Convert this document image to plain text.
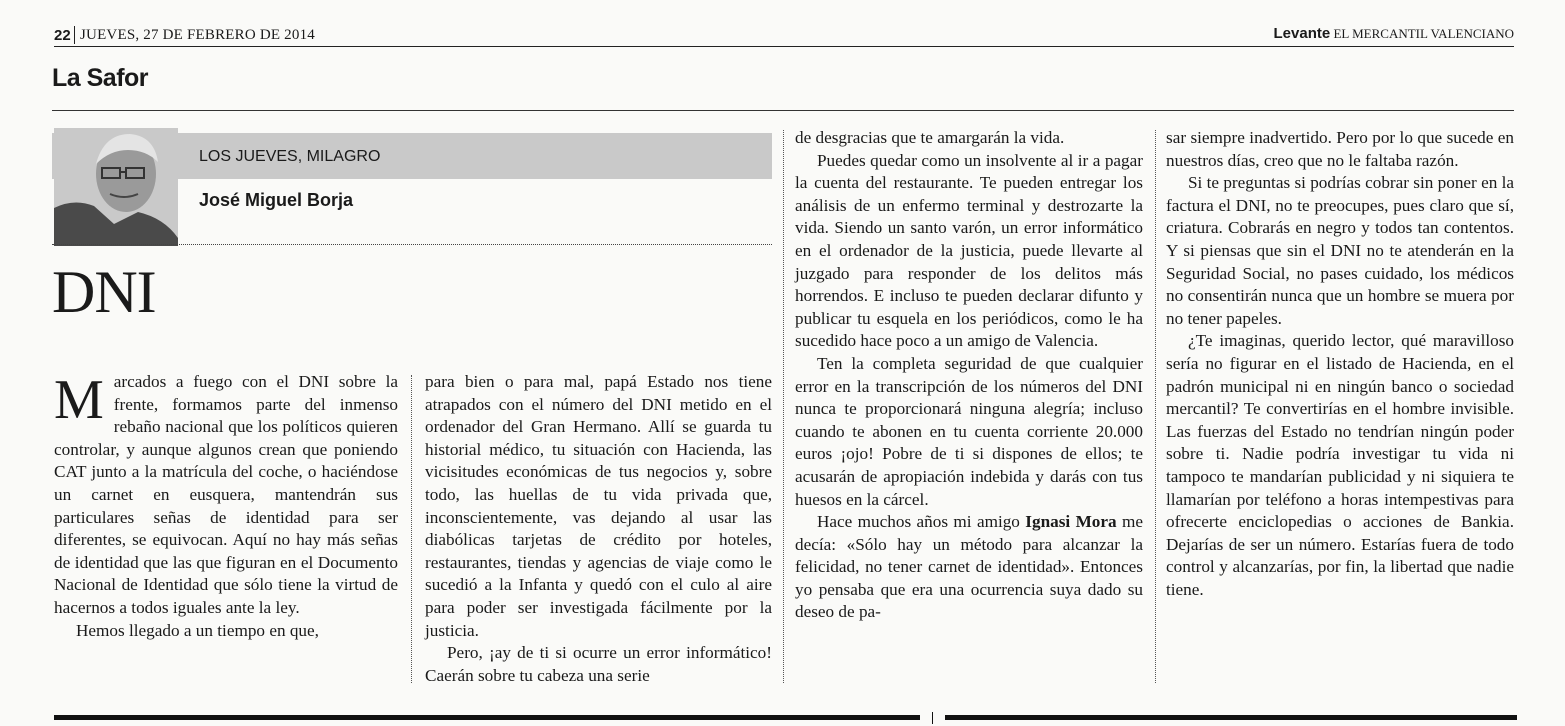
22 JUEVES, 27 DE FEBRERO DE 2014	Levante EL MERCANTIL VALENCIANO
La Safor
LOS JUEVES, MILAGRO
José Miguel Borja
DNI

Marcados a fuego con el DNI sobre la frente, formamos parte del inmenso rebaño nacional que los políticos quieren controlar, y aunque algunos crean que poniendo CAT junto a la matrícula del coche, o haciéndose un carnet en eusquera, mantendrán sus particulares señas de identidad para ser diferentes, se equivocan. Aquí no hay más señas de identidad que las que figuran en el Documento Nacional de Identidad que sólo tiene la virtud de hacernos a todos iguales ante la ley.

Hemos llegado a un tiempo en que,

para bien o para mal, papá Estado nos tiene atrapados con el número del DNI metido en el ordenador del Gran Hermano. Allí se guarda tu historial médico, tu situación con Hacienda, las vicisitudes económicas de tus negocios y, sobre todo, las huellas de tu vida privada que, inconscientemente, vas dejando al usar las diabólicas tarjetas de crédito por hoteles, restaurantes, tiendas y agencias de viaje como le sucedió a la Infanta y quedó con el culo al aire para poder ser investigada fácilmente por la justicia.

Pero, ¡ay de ti si ocurre un error informático! Caerán sobre tu cabeza una serie

de desgracias que te amargarán la vida.

Puedes quedar como un insolvente al ir a pagar la cuenta del restaurante. Te pueden entregar los análisis de un enfermo terminal y destrozarte la vida. Siendo un santo varón, un error informático en el ordenador de la justicia, puede llevarte al juzgado para responder de los delitos más horrendos. E incluso te pueden declarar difunto y publicar tu esquela en los periódicos, como le ha sucedido hace poco a un amigo de Valencia.

Ten la completa seguridad de que cualquier error en la transcripción de los números del DNI nunca te proporcionará ninguna alegría; incluso cuando te abonen en tu cuenta corriente 20.000 euros ¡ojo! Pobre de ti si dispones de ellos; te acusarán de apropiación indebida y darás con tus huesos en la cárcel.

Hace muchos años mi amigo Ignasi Mora me decía: «Sólo hay un método para alcanzar la felicidad, no tener carnet de identidad». Entonces yo pensaba que era una ocurrencia suya dado su deseo de pa-

sar siempre inadvertido. Pero por lo que sucede en nuestros días, creo que no le faltaba razón.

Si te preguntas si podrías cobrar sin poner en la factura el DNI, no te preocupes, pues claro que sí, criatura. Cobrarás en negro y todos tan contentos. Y si piensas que sin el DNI no te atenderán en la Seguridad Social, no pases cuidado, los médicos no consentirán nunca que un hombre se muera por no tener papeles.

¿Te imaginas, querido lector, qué maravilloso sería no figurar en el listado de Hacienda, en el padrón municipal ni en ningún banco o sociedad mercantil? Te convertirías en el hombre invisible. Las fuerzas del Estado no tendrían ningún poder sobre ti. Nadie podría investigar tu vida ni tampoco te mandarían publicidad y ni siquiera te llamarían por teléfono a horas intempestivas para ofrecerte enciclopedias o acciones de Bankia. Dejarías de ser un número. Estarías fuera de todo control y alcanzarías, por fin, la libertad que nadie tiene.
